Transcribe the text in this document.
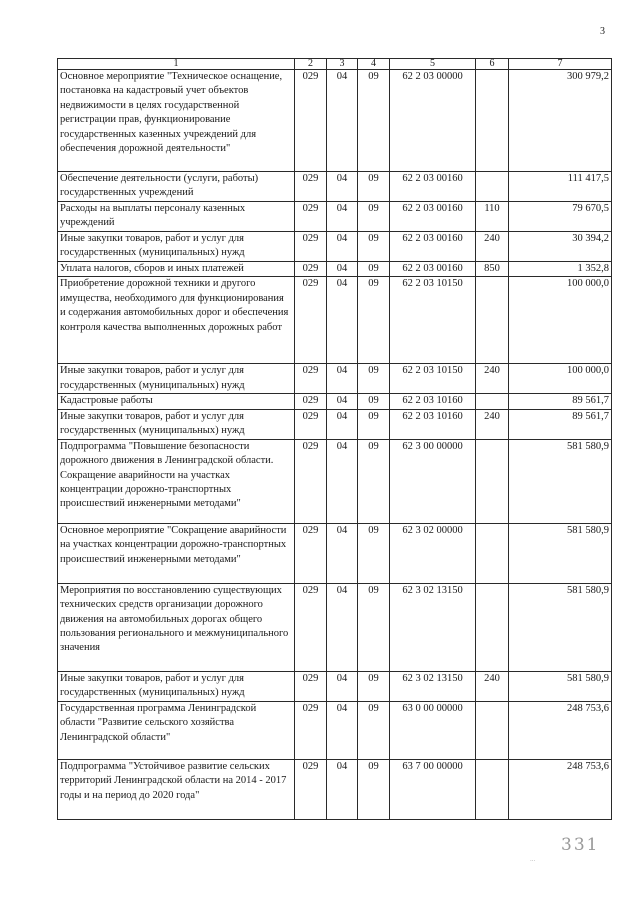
3
1	2	3	4	5	6	7
Основное мероприятие "Техническое оснащение, постановка на кадастровый учет объектов недвижимости в целях государственной регистрации прав, функционирование государственных казенных учреждений для обеспечения дорожной деятельности"	029	04	09	62 2 03 00000		300 979,2
Обеспечение деятельности (услуги, работы) государственных учреждений	029	04	09	62 2 03 00160		111 417,5
Расходы на выплаты персоналу казенных учреждений	029	04	09	62 2 03 00160	110	79 670,5
Иные закупки товаров, работ и услуг для государственных (муниципальных) нужд	029	04	09	62 2 03 00160	240	30 394,2
Уплата налогов, сборов и иных платежей	029	04	09	62 2 03 00160	850	1 352,8
Приобретение дорожной техники и другого имущества, необходимого для функционирования и содержания автомобильных дорог и обеспечения контроля качества выполненных дорожных работ	029	04	09	62 2 03 10150		100 000,0
Иные закупки товаров, работ и услуг для государственных (муниципальных) нужд	029	04	09	62 2 03 10150	240	100 000,0
Кадастровые работы	029	04	09	62 2 03 10160		89 561,7
Иные закупки товаров, работ и услуг для государственных (муниципальных) нужд	029	04	09	62 2 03 10160	240	89 561,7
Подпрограмма "Повышение безопасности дорожного движения в Ленинградской области. Сокращение аварийности на участках концентрации дорожно-транспортных происшествий инженерными методами"	029	04	09	62 3 00 00000		581 580,9
Основное мероприятие "Сокращение аварийности на участках концентрации дорожно-транспортных происшествий инженерными методами"	029	04	09	62 3 02 00000		581 580,9
Мероприятия по восстановлению существующих технических средств организации дорожного движения на автомобильных дорогах общего пользования регионального и межмуниципального значения	029	04	09	62 3 02 13150		581 580,9
Иные закупки товаров, работ и услуг для государственных (муниципальных) нужд	029	04	09	62 3 02 13150	240	581 580,9
Государственная программа Ленинградской области "Развитие сельского хозяйства Ленинградской области"	029	04	09	63 0 00 00000		248 753,6
Подпрограмма "Устойчивое развитие сельских территорий Ленинградской области на 2014 - 2017 годы и на период до 2020 года"	029	04	09	63 7 00 00000		248 753,6
...
331
